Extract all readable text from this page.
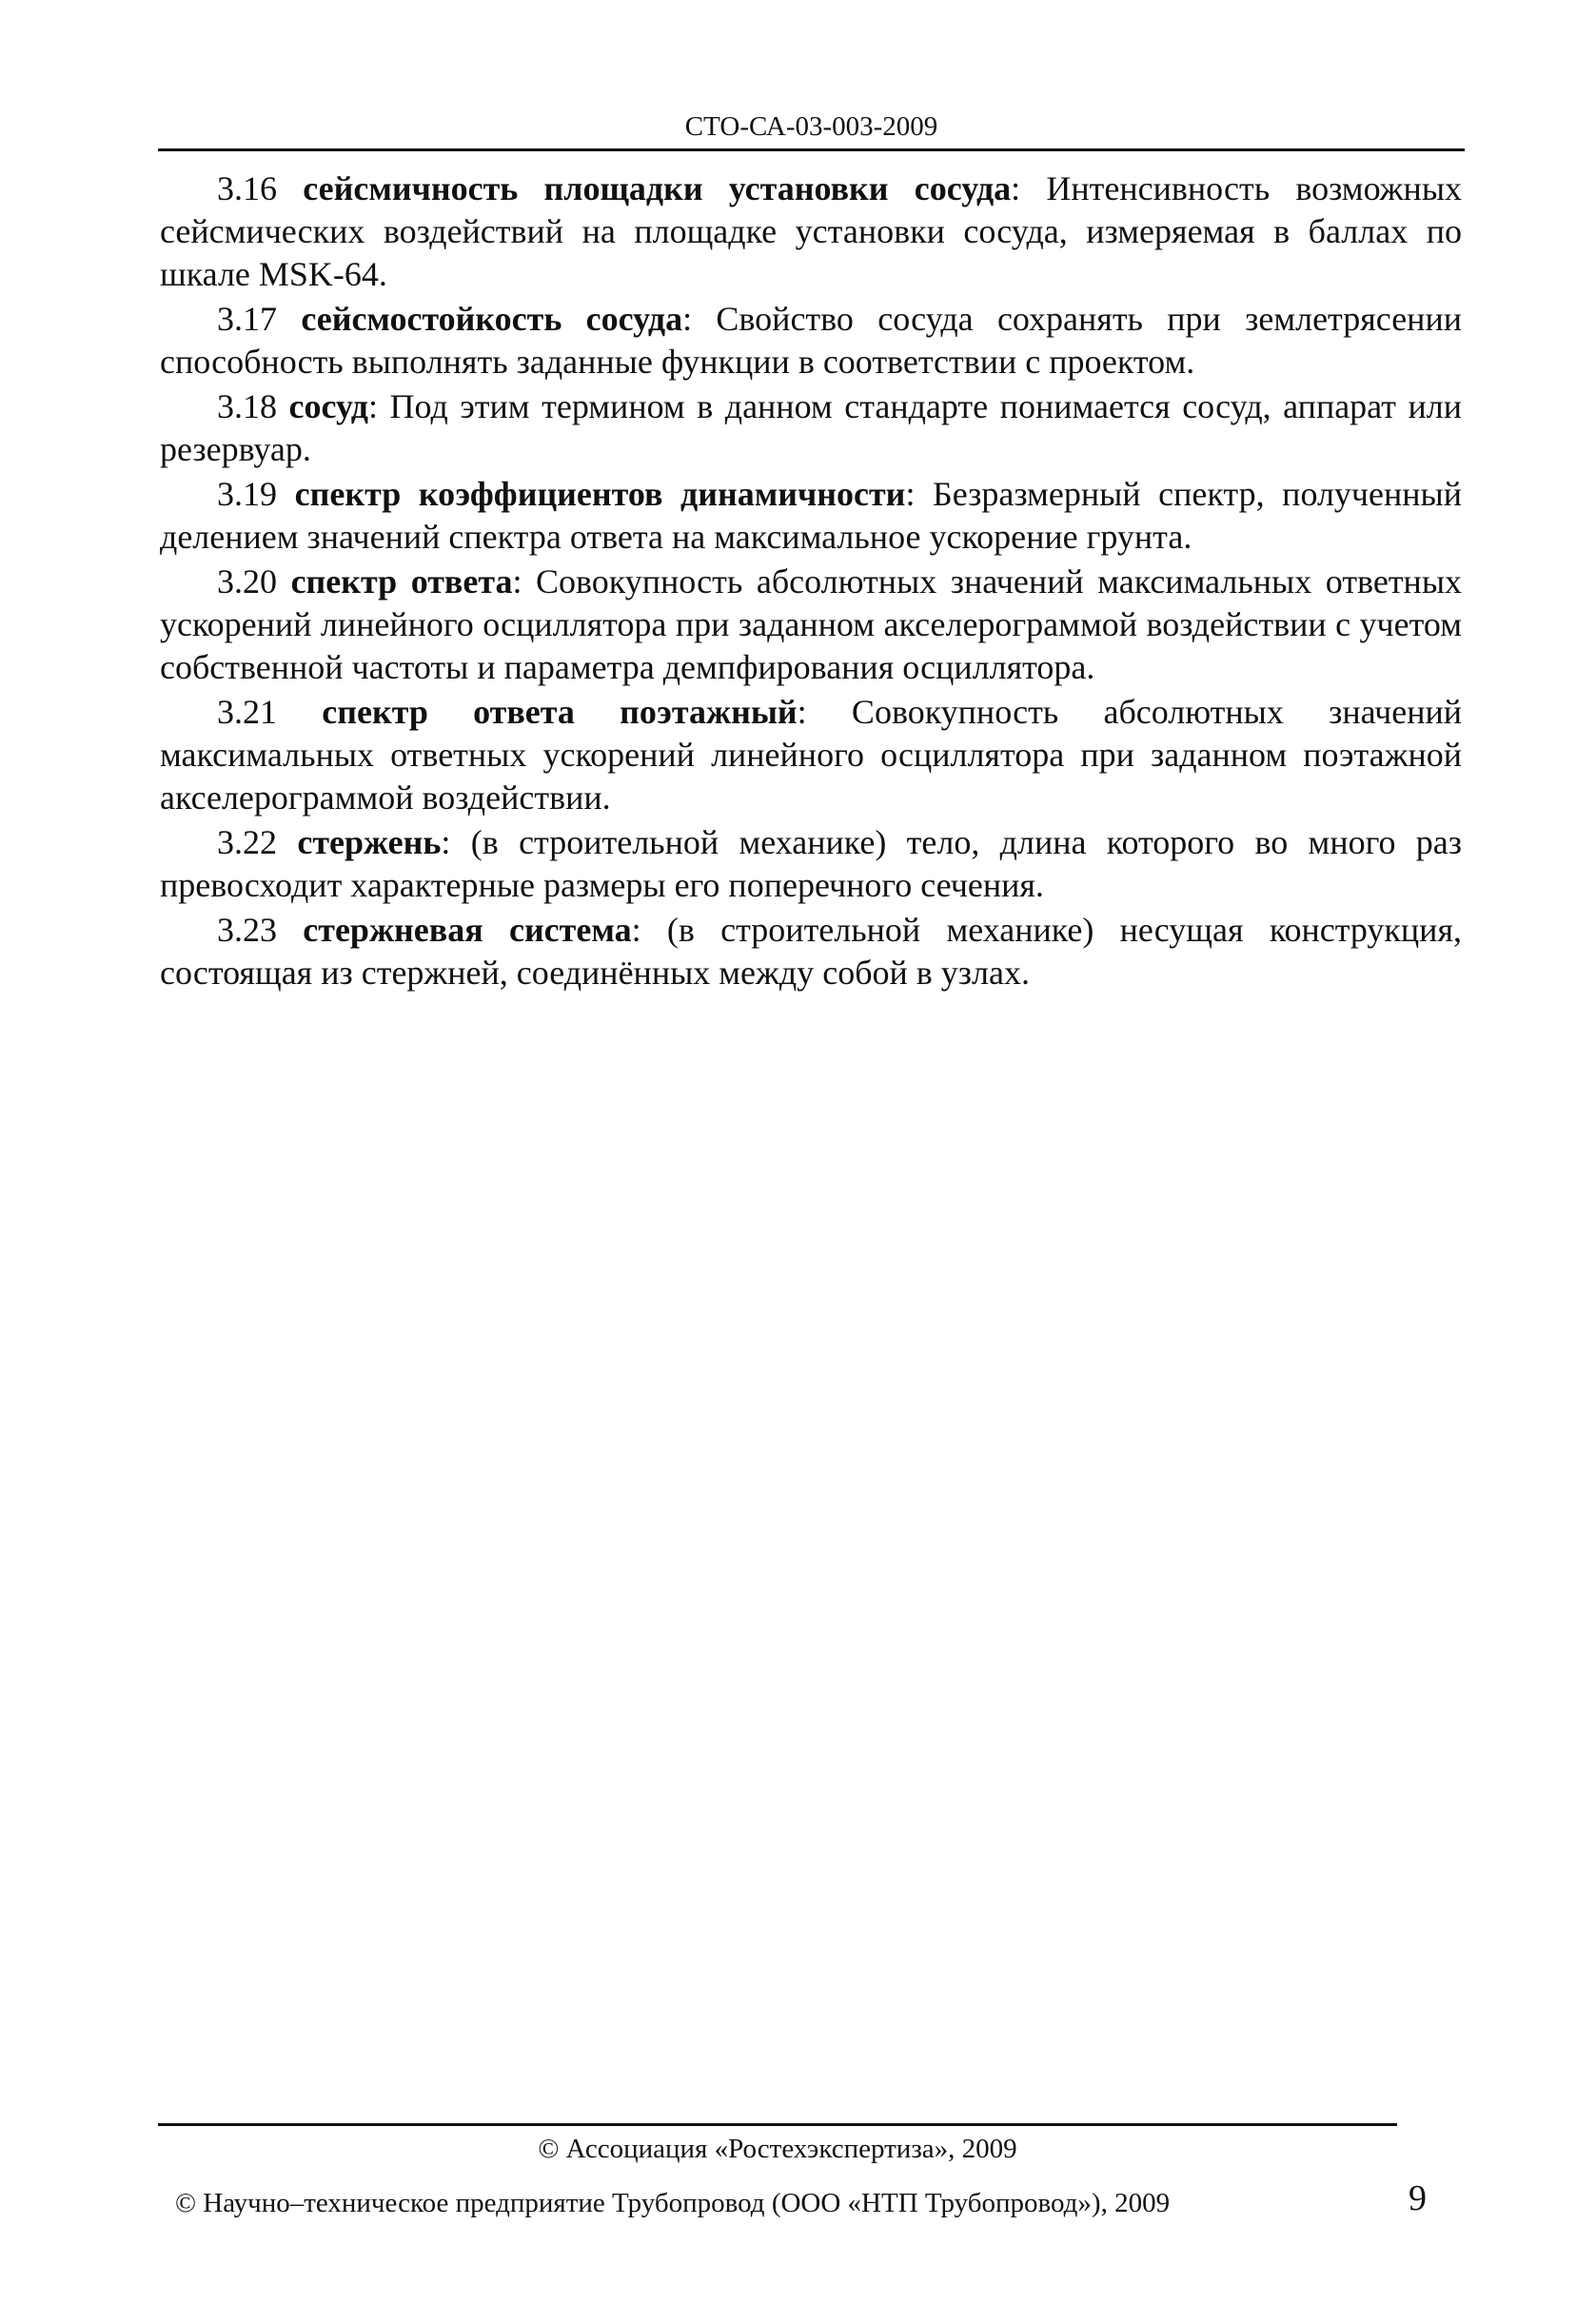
СТО-СА-03-003-2009

3.16 сейсмичность площадки установки сосуда: Интенсивность возможных сейсмических воздействий на площадке установки сосуда, измеряемая в баллах по шкале MSK-64.

3.17 сейсмостойкость сосуда: Свойство сосуда сохранять при землетрясении способность выполнять заданные функции в соответствии с проектом.

3.18 сосуд: Под этим термином в данном стандарте понимается сосуд, аппарат или резервуар.

3.19 спектр коэффициентов динамичности: Безразмерный спектр, полученный делением значений спектра ответа на максимальное ускорение грунта.

3.20 спектр ответа: Совокупность абсолютных значений максимальных ответных ускорений линейного осциллятора при заданном акселерограммой воздействии с учетом собственной частоты и параметра демпфирования осциллятора.

3.21 спектр ответа поэтажный: Совокупность абсолютных значений максимальных ответных ускорений линейного осциллятора при заданном поэтажной акселерограммой воздействии.

3.22 стержень: (в строительной механике) тело, длина которого во много раз превосходит характерные размеры его поперечного сечения.

3.23 стержневая система: (в строительной механике) несущая конструкция, состоящая из стержней, соединённых между собой в узлах.

© Ассоциация «Ростехэкспертиза», 2009
© Научно–техническое предприятие Трубопровод (ООО «НТП Трубопровод»), 2009	9
